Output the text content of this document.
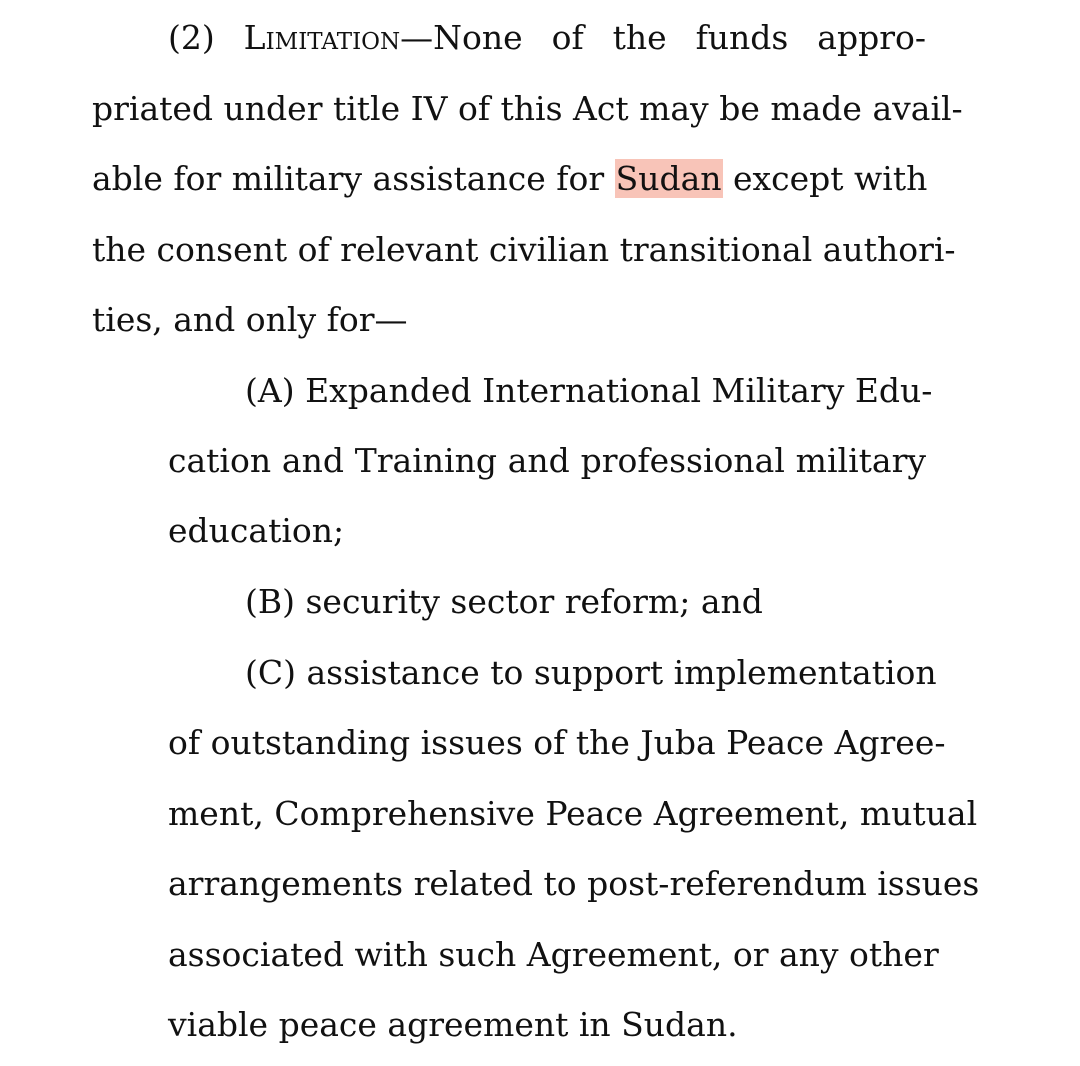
(2) Limitation—None of the funds appro-
priated under title IV of this Act may be made avail-
able for military assistance for Sudan except with
the consent of relevant civilian transitional authori-
ties, and only for—
(A) Expanded International Military Edu-
cation and Training and professional military
education;
(B) security sector reform; and
(C) assistance to support implementation
of outstanding issues of the Juba Peace Agree-
ment, Comprehensive Peace Agreement, mutual
arrangements related to post-referendum issues
associated with such Agreement, or any other
viable peace agreement in Sudan.
